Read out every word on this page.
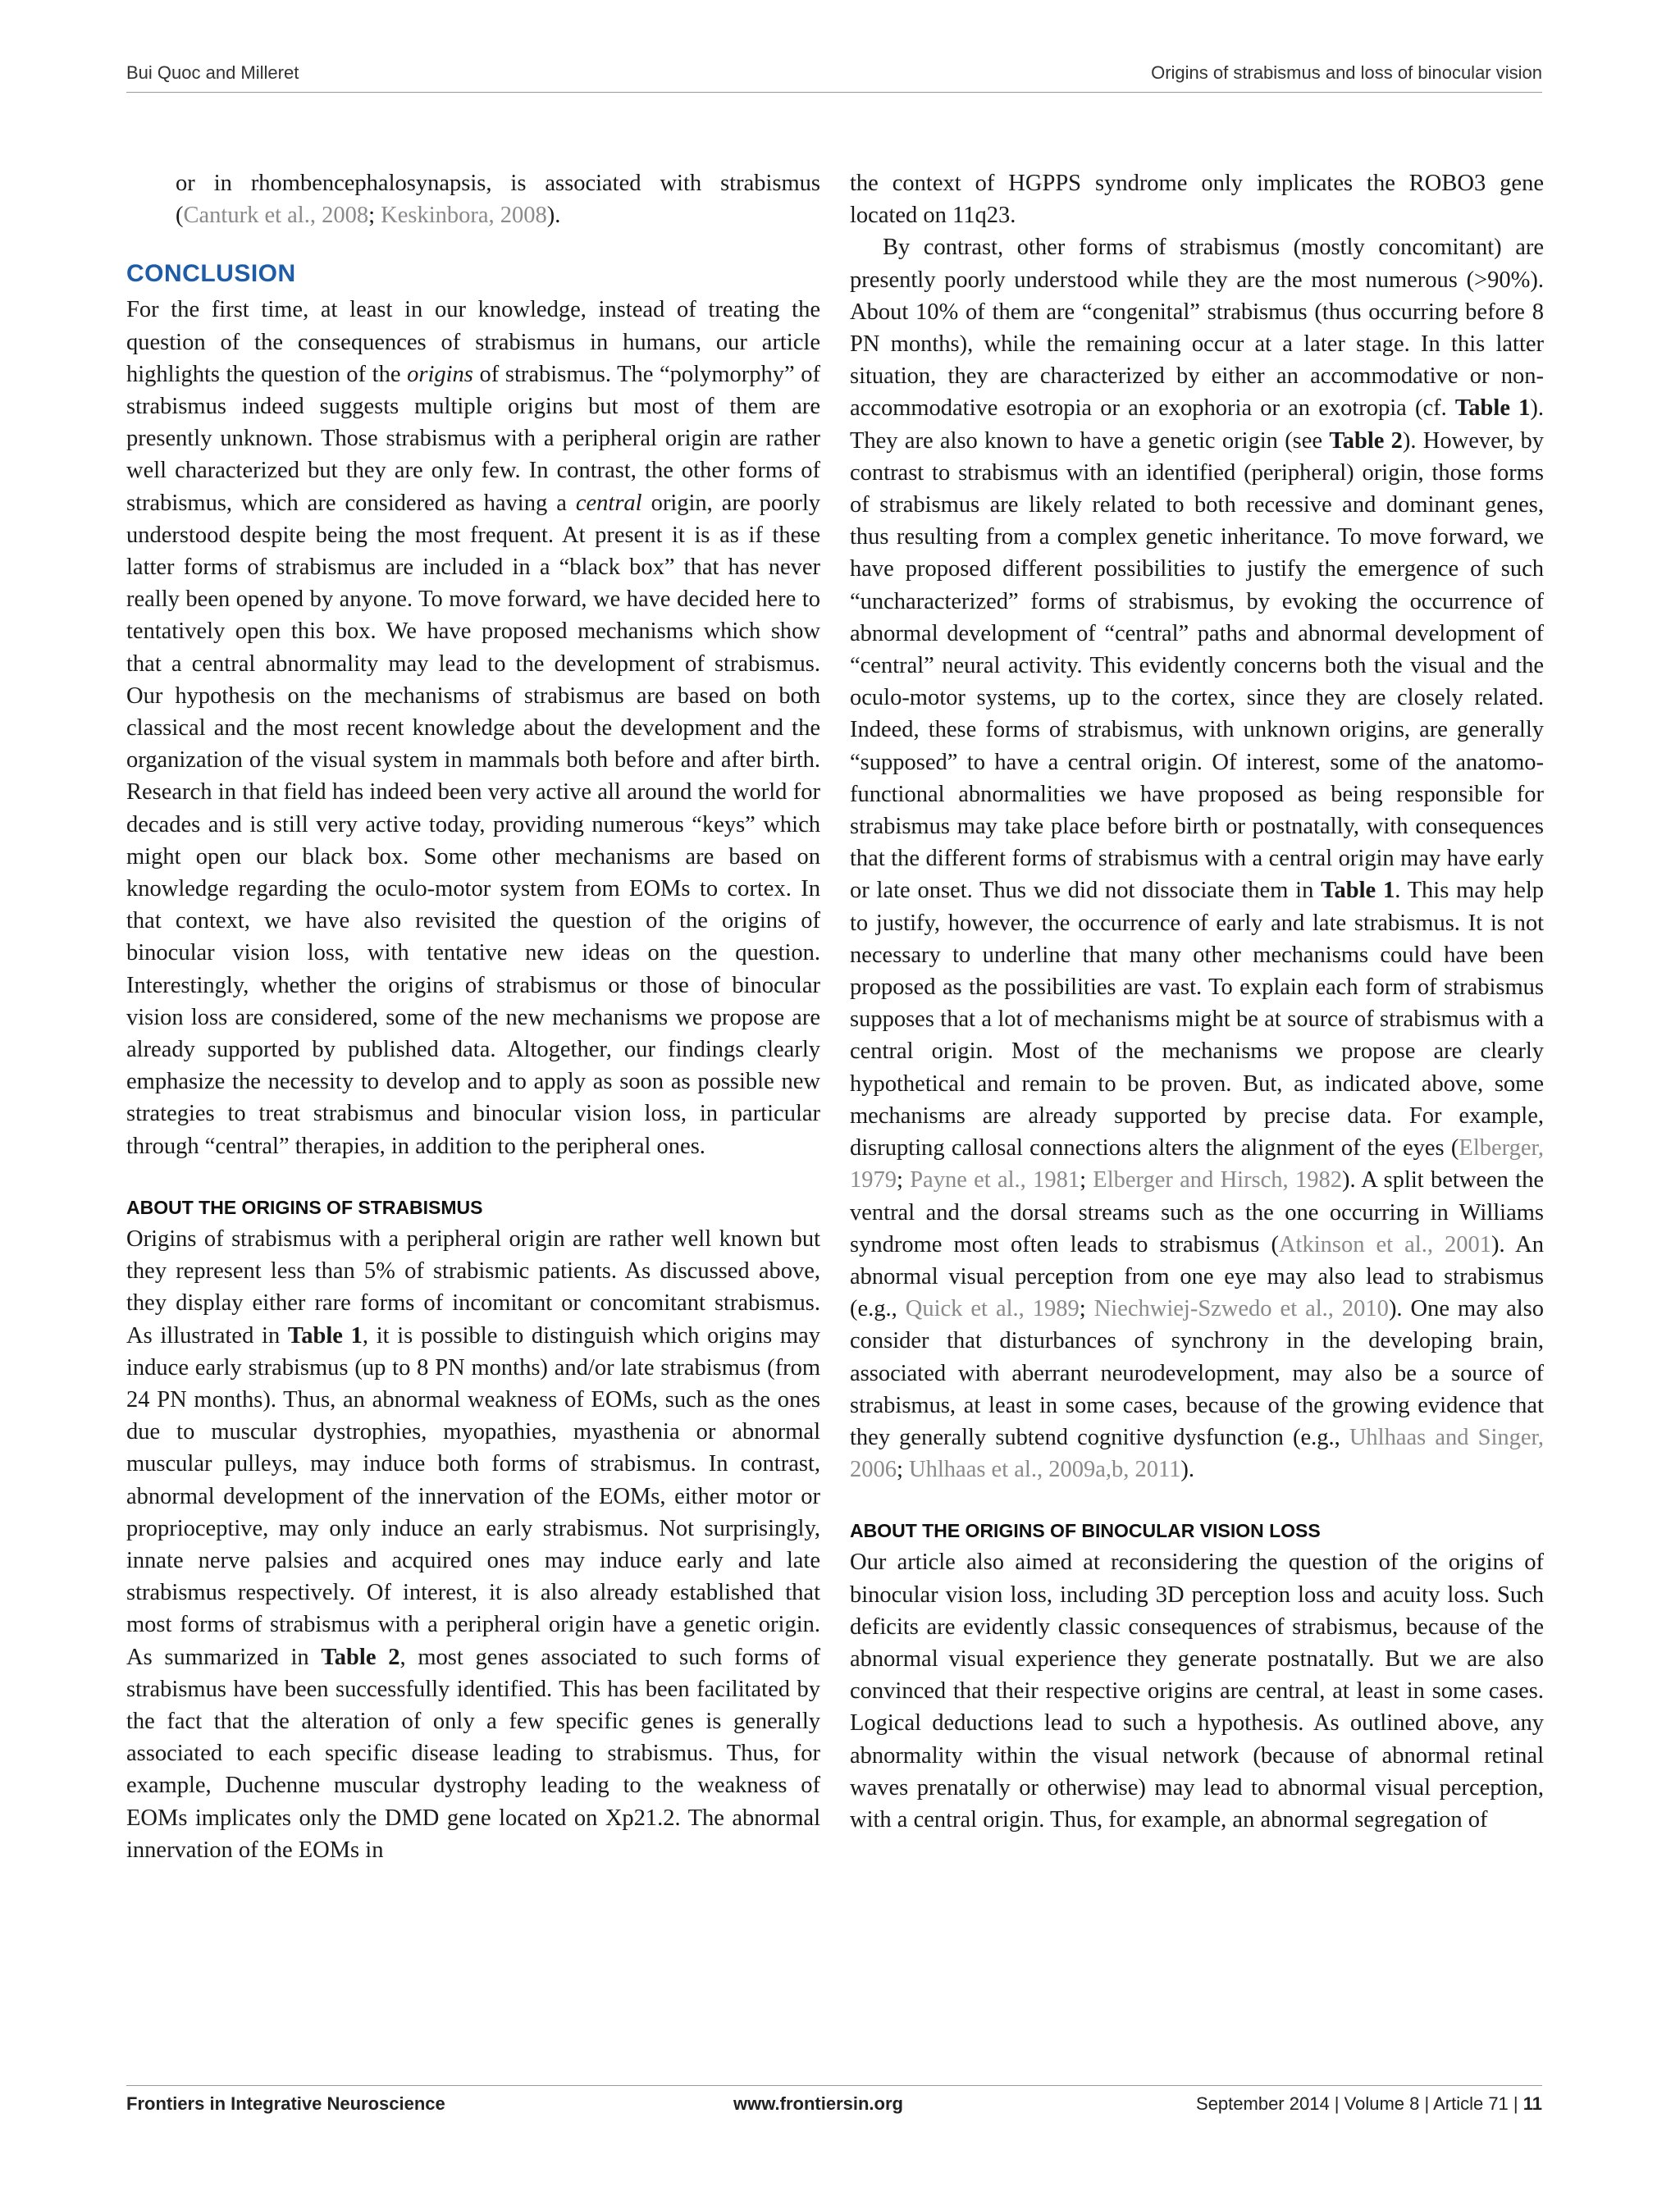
Bui Quoc and Milleret	Origins of strabismus and loss of binocular vision

or in rhombencephalosynapsis, is associated with strabismus (Canturk et al., 2008; Keskinbora, 2008).

CONCLUSION

For the first time, at least in our knowledge, instead of treating the question of the consequences of strabismus in humans, our article highlights the question of the origins of strabismus. The “polymorphy” of strabismus indeed suggests multiple origins but most of them are presently unknown. Those strabismus with a peripheral origin are rather well characterized but they are only few. In contrast, the other forms of strabismus, which are considered as having a central origin, are poorly understood despite being the most frequent. At present it is as if these latter forms of strabismus are included in a “black box” that has never really been opened by anyone. To move forward, we have decided here to tentatively open this box. We have proposed mechanisms which show that a central abnormality may lead to the development of strabismus. Our hypothesis on the mechanisms of strabismus are based on both classical and the most recent knowledge about the development and the organization of the visual system in mammals both before and after birth. Research in that field has indeed been very active all around the world for decades and is still very active today, providing numerous “keys” which might open our black box. Some other mechanisms are based on knowledge regarding the oculo-motor system from EOMs to cortex. In that context, we have also revisited the question of the origins of binocular vision loss, with tentative new ideas on the question. Interestingly, whether the origins of strabismus or those of binocular vision loss are considered, some of the new mechanisms we propose are already supported by published data. Altogether, our findings clearly emphasize the necessity to develop and to apply as soon as possible new strategies to treat strabismus and binocular vision loss, in particular through “central” therapies, in addition to the peripheral ones.

ABOUT THE ORIGINS OF STRABISMUS

Origins of strabismus with a peripheral origin are rather well known but they represent less than 5% of strabismic patients. As discussed above, they display either rare forms of incomitant or concomitant strabismus. As illustrated in Table 1, it is possible to distinguish which origins may induce early strabismus (up to 8 PN months) and/or late strabismus (from 24 PN months). Thus, an abnormal weakness of EOMs, such as the ones due to muscular dystrophies, myopathies, myasthenia or abnormal muscular pulleys, may induce both forms of strabismus. In contrast, abnormal development of the innervation of the EOMs, either motor or proprioceptive, may only induce an early strabismus. Not surprisingly, innate nerve palsies and acquired ones may induce early and late strabismus respectively. Of interest, it is also already established that most forms of strabismus with a peripheral origin have a genetic origin. As summarized in Table 2, most genes associated to such forms of strabismus have been successfully identified. This has been facilitated by the fact that the alteration of only a few specific genes is generally associated to each specific disease leading to strabismus. Thus, for example, Duchenne muscular dystrophy leading to the weakness of EOMs implicates only the DMD gene located on Xp21.2. The abnormal innervation of the EOMs in

the context of HGPPS syndrome only implicates the ROBO3 gene located on 11q23.

By contrast, other forms of strabismus (mostly concomitant) are presently poorly understood while they are the most numerous (>90%). About 10% of them are “congenital” strabismus (thus occurring before 8 PN months), while the remaining occur at a later stage. In this latter situation, they are characterized by either an accommodative or non-accommodative esotropia or an exophoria or an exotropia (cf. Table 1). They are also known to have a genetic origin (see Table 2). However, by contrast to strabismus with an identified (peripheral) origin, those forms of strabismus are likely related to both recessive and dominant genes, thus resulting from a complex genetic inheritance. To move forward, we have proposed different possibilities to justify the emergence of such “uncharacterized” forms of strabismus, by evoking the occurrence of abnormal development of “central” paths and abnormal development of “central” neural activity. This evidently concerns both the visual and the oculo-motor systems, up to the cortex, since they are closely related. Indeed, these forms of strabismus, with unknown origins, are generally “supposed” to have a central origin. Of interest, some of the anatomo-functional abnormalities we have proposed as being responsible for strabismus may take place before birth or postnatally, with consequences that the different forms of strabismus with a central origin may have early or late onset. Thus we did not dissociate them in Table 1. This may help to justify, however, the occurrence of early and late strabismus. It is not necessary to underline that many other mechanisms could have been proposed as the possibilities are vast. To explain each form of strabismus supposes that a lot of mechanisms might be at source of strabismus with a central origin. Most of the mechanisms we propose are clearly hypothetical and remain to be proven. But, as indicated above, some mechanisms are already supported by precise data. For example, disrupting callosal connections alters the alignment of the eyes (Elberger, 1979; Payne et al., 1981; Elberger and Hirsch, 1982). A split between the ventral and the dorsal streams such as the one occurring in Williams syndrome most often leads to strabismus (Atkinson et al., 2001). An abnormal visual perception from one eye may also lead to strabismus (e.g., Quick et al., 1989; Niechwiej-Szwedo et al., 2010). One may also consider that disturbances of synchrony in the developing brain, associated with aberrant neurodevelopment, may also be a source of strabismus, at least in some cases, because of the growing evidence that they generally subtend cognitive dysfunction (e.g., Uhlhaas and Singer, 2006; Uhlhaas et al., 2009a,b, 2011).

ABOUT THE ORIGINS OF BINOCULAR VISION LOSS

Our article also aimed at reconsidering the question of the origins of binocular vision loss, including 3D perception loss and acuity loss. Such deficits are evidently classic consequences of strabismus, because of the abnormal visual experience they generate postnatally. But we are also convinced that their respective origins are central, at least in some cases. Logical deductions lead to such a hypothesis. As outlined above, any abnormality within the visual network (because of abnormal retinal waves prenatally or otherwise) may lead to abnormal visual perception, with a central origin. Thus, for example, an abnormal segregation of

Frontiers in Integrative Neuroscience	www.frontiersin.org	September 2014 | Volume 8 | Article 71 | 11
